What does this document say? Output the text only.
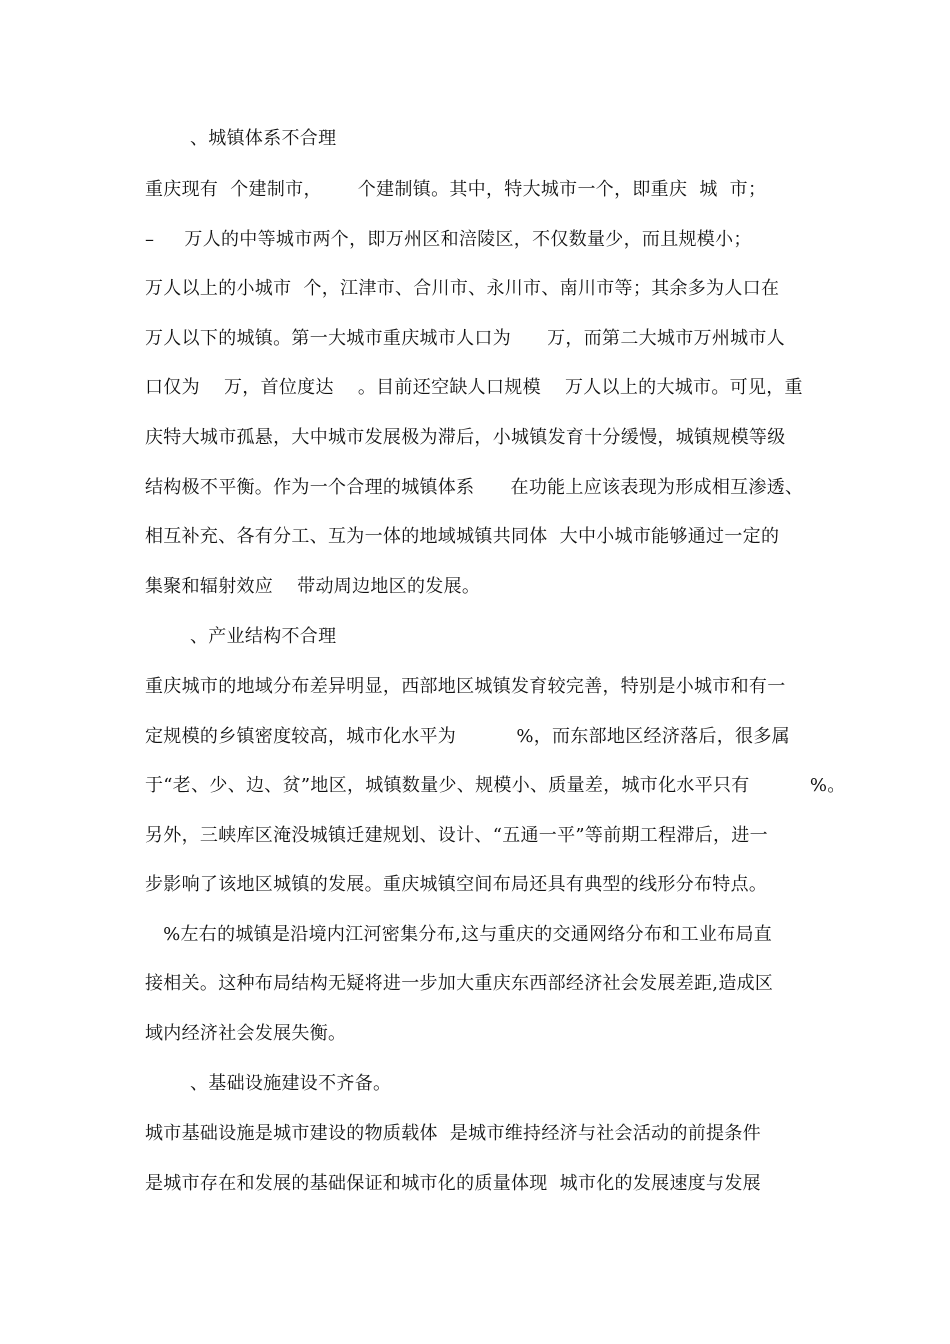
、城镇体系不合理
重庆现有  个建制市，      个建制镇。其中，特大城市一个，即重庆  城  市；
–     万人的中等城市两个，即万州区和涪陵区，不仅数量少，而且规模小；
万人以上的小城市  个，江津市、合川市、永川市、南川市等；其余多为人口在
万人以下的城镇。第一大城市重庆城市人口为      万，而第二大城市万州城市人
口仅为    万，首位度达    。目前还空缺人口规模    万人以上的大城市。可见，重
庆特大城市孤悬，大中城市发展极为滞后，小城镇发育十分缓慢，城镇规模等级
结构极不平衡。作为一个合理的城镇体系      在功能上应该表现为形成相互渗透、
相互补充、各有分工、互为一体的地域城镇共同体  大中小城市能够通过一定的
集聚和辐射效应    带动周边地区的发展。
、产业结构不合理
重庆城市的地域分布差异明显，西部地区城镇发育较完善，特别是小城市和有一
定规模的乡镇密度较高，城市化水平为          %，而东部地区经济落后，很多属
于“老、少、边、贫”地区，城镇数量少、规模小、质量差，城市化水平只有          %。
另外，三峡库区淹没城镇迁建规划、设计、“五通一平”等前期工程滞后，进一
步影响了该地区城镇的发展。重庆城镇空间布局还具有典型的线形分布特点。
%左右的城镇是沿境内江河密集分布,这与重庆的交通网络分布和工业布局直
接相关。这种布局结构无疑将进一步加大重庆东西部经济社会发展差距,造成区
域内经济社会发展失衡。
、基础设施建设不齐备。
城市基础设施是城市建设的物质载体  是城市维持经济与社会活动的前提条件
是城市存在和发展的基础保证和城市化的质量体现  城市化的发展速度与发展
